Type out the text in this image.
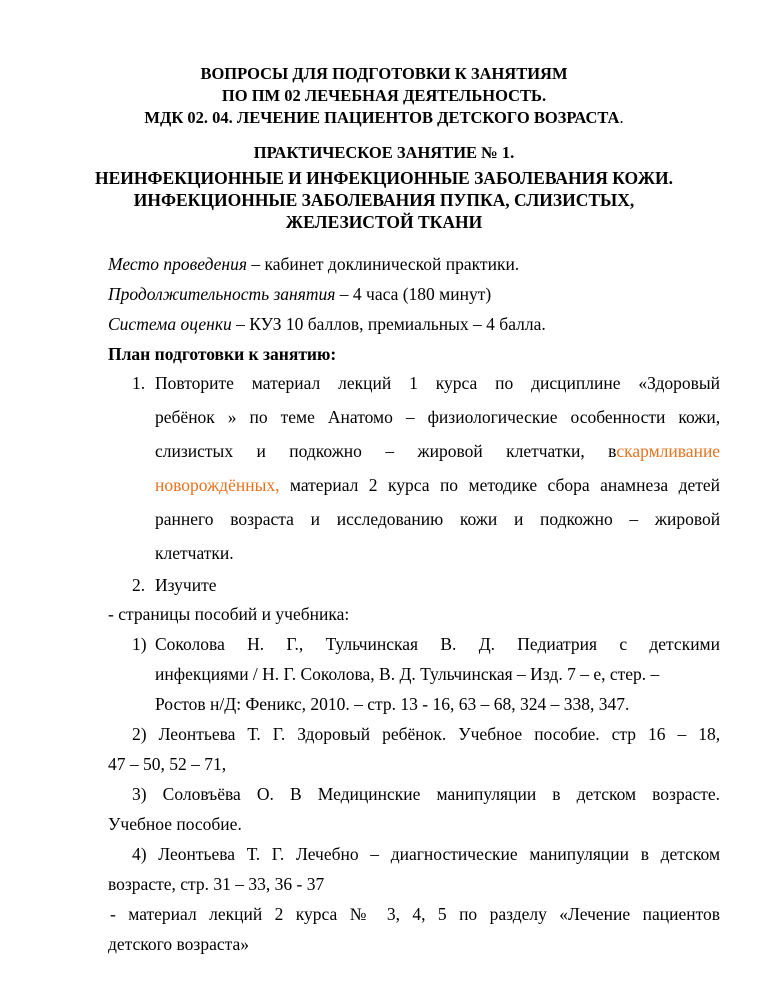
ВОПРОСЫ ДЛЯ ПОДГОТОВКИ К ЗАНЯТИЯМ
ПО ПМ 02 ЛЕЧЕБНАЯ ДЕЯТЕЛЬНОСТЬ.
МДК 02. 04. ЛЕЧЕНИЕ ПАЦИЕНТОВ ДЕТСКОГО ВОЗРАСТА.
ПРАКТИЧЕСКОЕ ЗАНЯТИЕ № 1.
НЕИНФЕКЦИОННЫЕ И ИНФЕКЦИОННЫЕ ЗАБОЛЕВАНИЯ КОЖИ.
ИНФЕКЦИОННЫЕ ЗАБОЛЕВАНИЯ ПУПКА, СЛИЗИСТЫХ,
ЖЕЛЕЗИСТОЙ ТКАНИ
Место проведения – кабинет доклинической практики.
Продолжительность занятия – 4 часа (180 минут)
Система оценки – КУЗ 10 баллов, премиальных – 4 балла.
План подготовки к занятию:
1. Повторите материал лекций 1 курса по дисциплине «Здоровый
ребёнок » по теме Анатомо – физиологические особенности кожи,
слизистых и подкожно – жировой клетчатки, вскармливание
новорождённых, материал 2 курса по методике сбора анамнеза детей
раннего возраста и исследованию кожи и подкожно – жировой
клетчатки.
2. Изучите
- страницы пособий и учебника:
1) Соколова Н. Г., Тульчинская В. Д. Педиатрия с детскими
инфекциями / Н. Г. Соколова, В. Д. Тульчинская – Изд. 7 – е, стер. –
Ростов н/Д: Феникс, 2010. – стр. 13 - 16, 63 – 68, 324 – 338, 347.
2) Леонтьева Т. Г. Здоровый ребёнок. Учебное пособие. стр 16 – 18,
47 – 50, 52 – 71,
3) Соловъёва О. В Медицинские манипуляции в детском возрасте.
Учебное пособие.
4) Леонтьева Т. Г. Лечебно – диагностические манипуляции в детском
возрасте, стр. 31 – 33, 36 - 37
- материал лекций 2 курса № 3, 4, 5 по разделу «Лечение пациентов
детского возраста»
